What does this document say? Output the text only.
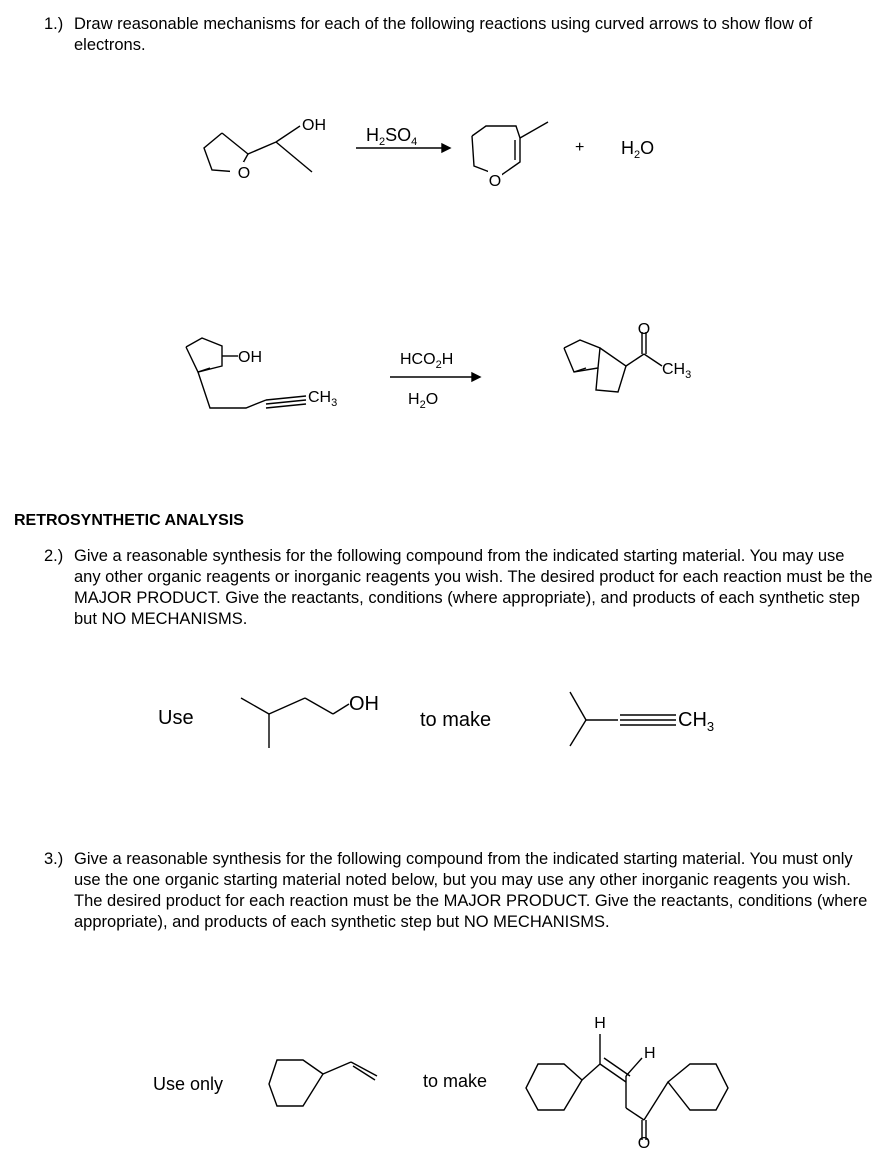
1.) Draw reasonable mechanisms for each of the following reactions using curved arrows to show flow of electrons.
O
OH $H_2SO_4$
O
+ $H_2O$
OH
$CH_3$
$HCO_2H$
$H_2O$
O
$CH_3$
RETROSYNTHETIC ANALYSIS
2.) Give a reasonable synthesis for the following compound from the indicated starting material. You may use any other organic reagents or inorganic reagents you wish. The desired product for each reaction must be the MAJOR PRODUCT. Give the reactants, conditions (where appropriate), and products of each synthetic step but NO MECHANISMS.
Use
OH
to make	$CH_3$
3.) Give a reasonable synthesis for the following compound from the indicated starting material. You must only use the one organic starting material noted below, but you may use any other inorganic reagents you wish. The desired product for each reaction must be the MAJOR PRODUCT. Give the reactants, conditions (where appropriate), and products of each synthetic step but NO MECHANISMS.
Use only	to make
H
H
O
